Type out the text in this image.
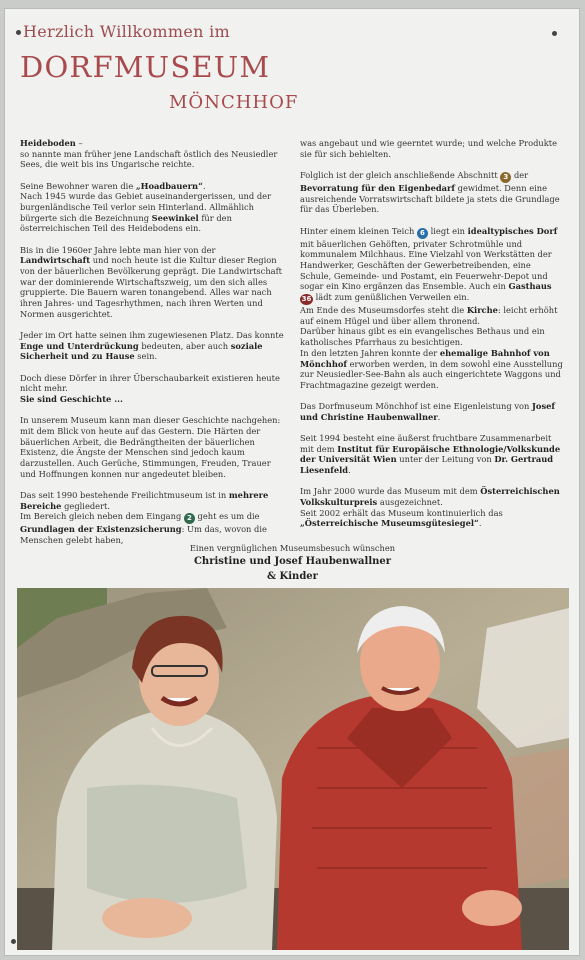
Herzlich Willkommen im
DORFMUSEUM
MÖNCHHOF

Heideboden –
so nannte man früher jene Landschaft östlich des Neusiedler Sees, die weit bis ins Ungarische reichte.

Seine Bewohner waren die „Hoadbauern“.
Nach 1945 wurde das Gebiet auseinandergerissen, und der burgenländische Teil verlor sein Hinterland. Allmählich bürgerte sich die Bezeichnung Seewinkel für den österreichischen Teil des Heidebodens ein.

Bis in die 1960er Jahre lebte man hier von der Landwirtschaft und noch heute ist die Kultur dieser Region von der bäuerlichen Bevölkerung geprägt. Die Landwirtschaft war der dominierende Wirtschaftszweig, um den sich alles gruppierte. Die Bauern waren tonangebend. Alles war nach ihren Jahres- und Tagesrhythmen, nach ihren Werten und Normen ausgerichtet.

Jeder im Ort hatte seinen ihm zugewiesenen Platz. Das konnte Enge und Unterdrückung bedeuten, aber auch soziale Sicherheit und zu Hause sein.

Doch diese Dörfer in ihrer Überschaubarkeit existieren heute nicht mehr.
Sie sind Geschichte ...

In unserem Museum kann man dieser Geschichte nachgehen: mit dem Blick von heute auf das Gestern. Die Härten der bäuerlichen Arbeit, die Bedrängtheiten der bäuerlichen Existenz, die Ängste der Menschen sind jedoch kaum darzustellen. Auch Gerüche, Stimmungen, Freuden, Trauer und Hoffnungen konnen nur angedeutet bleiben.

Das seit 1990 bestehende Freilichtmuseum ist in mehrere Bereiche gegliedert.
Im Bereich gleich neben dem Eingang 2 geht es um die Grundlagen der Existenzsicherung: Um das, wovon die Menschen gelebt haben,

was angebaut und wie geerntet wurde; und welche Produkte sie für sich behielten.

Folglich ist der gleich anschließende Abschnitt 3 der Bevorratung für den Eigenbedarf gewidmet. Denn eine ausreichende Vorratswirtschaft bildete ja stets die Grundlage für das Überleben.

Hinter einem kleinen Teich 6 liegt ein idealtypisches Dorf mit bäuerlichen Gehöften, privater Schrotmühle und kommunalem Milchhaus. Eine Vielzahl von Werkstätten der Handwerker, Geschäften der Gewerbetreibenden, eine Schule, Gemeinde- und Postamt, ein Feuerwehr-Depot und sogar ein Kino ergänzen das Ensemble. Auch ein Gasthaus
36 lädt zum genüßlichen Verweilen ein.
Am Ende des Museumsdorfes steht die Kirche: leicht erhöht auf einem Hügel und über allem thronend.
Darüber hinaus gibt es ein evangelisches Bethaus und ein katholisches Pfarrhaus zu besichtigen.
In den letzten Jahren konnte der ehemalige Bahnhof von Mönchhof erworben werden, in dem sowohl eine Ausstellung zur Neusiedler-See-Bahn als auch eingerichtete Waggons und Frachtmagazine gezeigt werden.

Das Dorfmuseum Mönchhof ist eine Eigenleistung von Josef und Christine Haubenwallner.

Seit 1994 besteht eine äußerst fruchtbare Zusammenarbeit mit dem Institut für Europäische Ethnologie/Volkskunde der Universität Wien unter der Leitung von Dr. Gertraud Liesenfeld.

Im Jahr 2000 wurde das Museum mit dem Österreichischen Volkskulturpreis ausgezeichnet.
Seit 2002 erhält das Museum kontinuierlich das „Österreichische Museumsgütesiegel“.

Einen vergnüglichen Museumsbesuch wünschen
Christine und Josef Haubenwallner
& Kinder
